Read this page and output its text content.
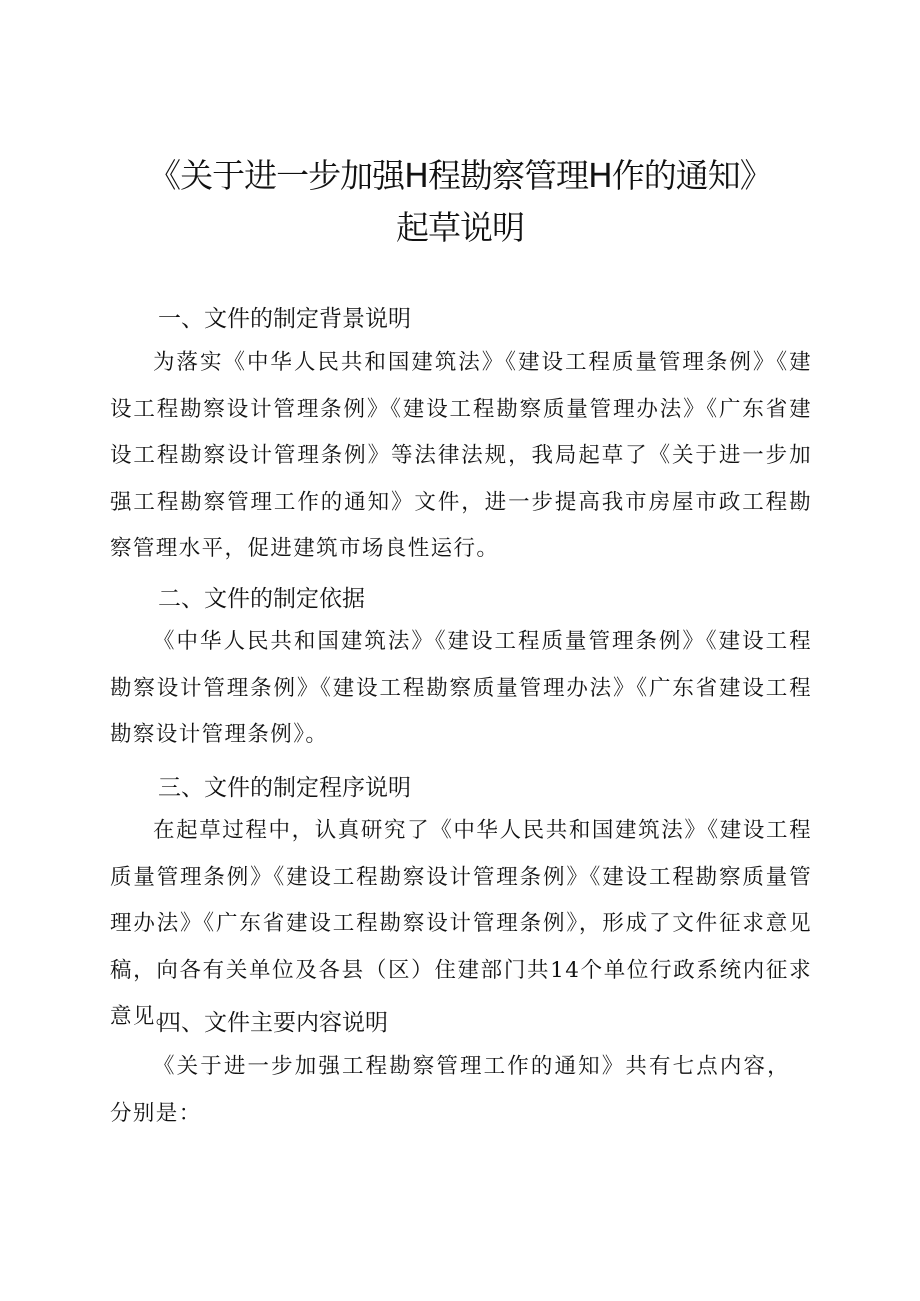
《关于进一步加强H程勘察管理H作的通知》
起草说明
一、文件的制定背景说明

为落实《中华人民共和国建筑法》《建设工程质量管理条例》《建设工程勘察设计管理条例》《建设工程勘察质量管理办法》《广东省建设工程勘察设计管理条例》等法律法规，我局起草了《关于进一步加强工程勘察管理工作的通知》文件，进一步提高我市房屋市政工程勘察管理水平，促进建筑市场良性运行。

二、文件的制定依据

《中华人民共和国建筑法》《建设工程质量管理条例》《建设工程勘察设计管理条例》《建设工程勘察质量管理办法》《广东省建设工程勘察设计管理条例》。

三、文件的制定程序说明

在起草过程中，认真研究了《中华人民共和国建筑法》《建设工程质量管理条例》《建设工程勘察设计管理条例》《建设工程勘察质量管理办法》《广东省建设工程勘察设计管理条例》，形成了文件征求意见稿，向各有关单位及各县（区）住建部门共14个单位行政系统内征求意见。

四、文件主要内容说明

《关于进一步加强工程勘察管理工作的通知》共有七点内容，分别是：
